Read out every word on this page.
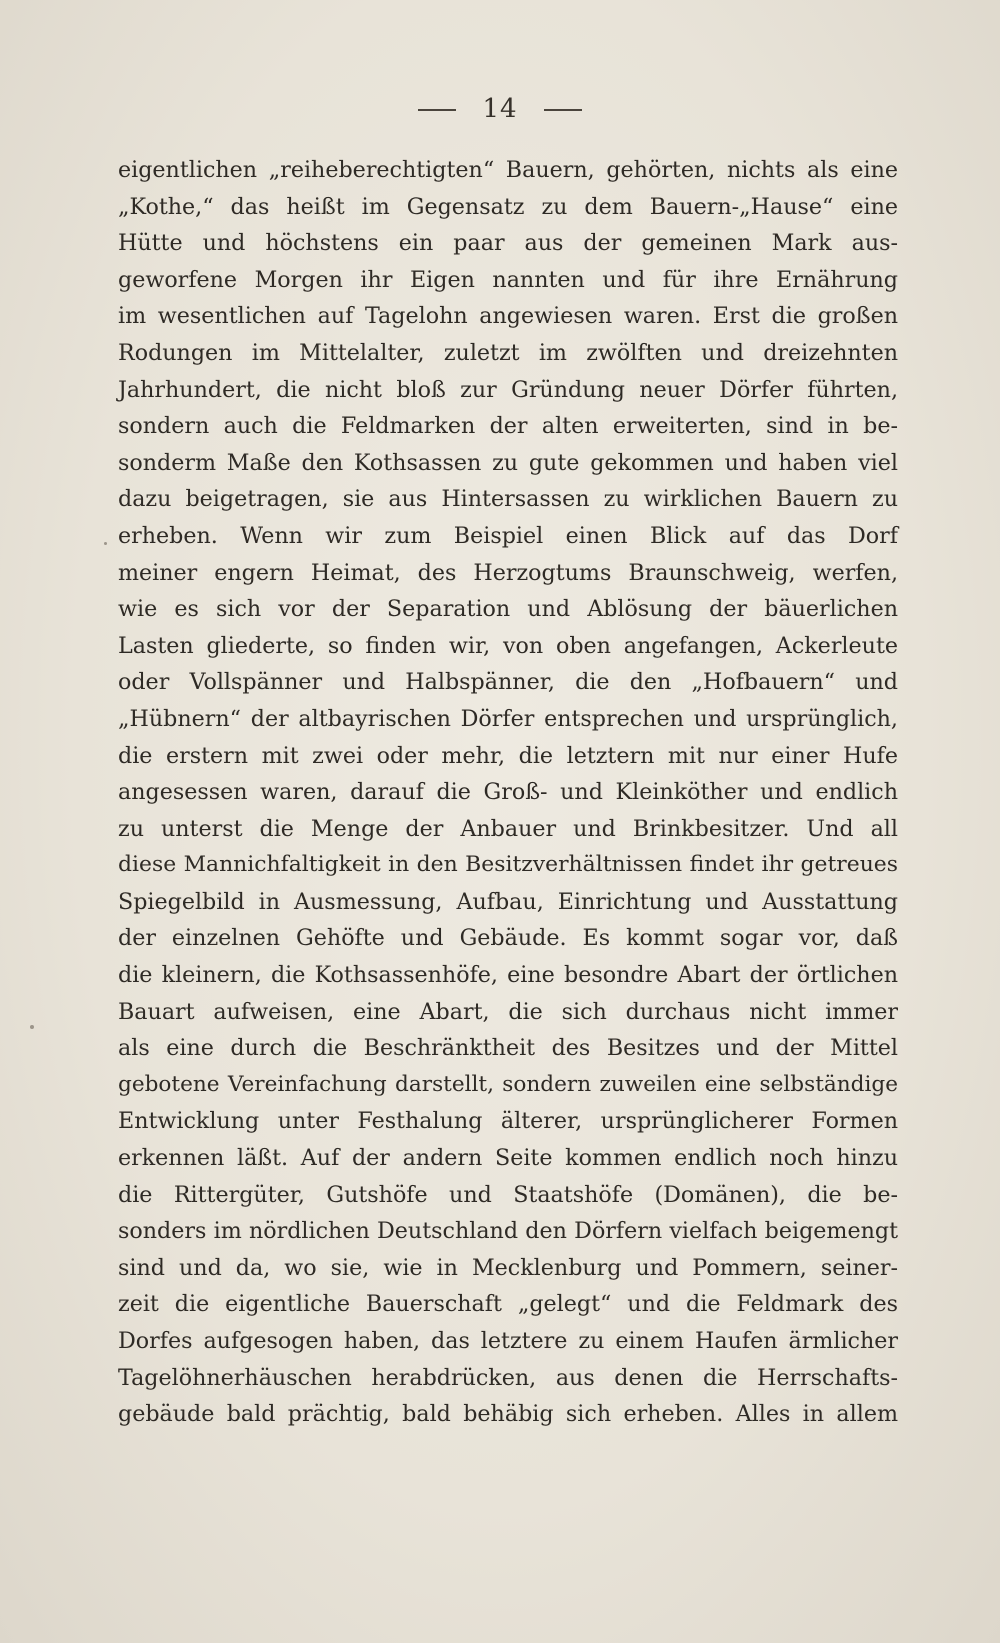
14
eigentlichen „reiheberechtigten“ Bauern, gehörten, nichts als eine
„Kothe,“ das heißt im Gegensatz zu dem Bauern-„Hause“ eine
Hütte und höchstens ein paar aus der gemeinen Mark aus-
geworfene Morgen ihr Eigen nannten und für ihre Ernährung
im wesentlichen auf Tagelohn angewiesen waren. Erst die großen
Rodungen im Mittelalter, zuletzt im zwölften und dreizehnten
Jahrhundert, die nicht bloß zur Gründung neuer Dörfer führten,
sondern auch die Feldmarken der alten erweiterten, sind in be-
sonderm Maße den Kothsassen zu gute gekommen und haben viel
dazu beigetragen, sie aus Hintersassen zu wirklichen Bauern zu
erheben. Wenn wir zum Beispiel einen Blick auf das Dorf
meiner engern Heimat, des Herzogtums Braunschweig, werfen,
wie es sich vor der Separation und Ablösung der bäuerlichen
Lasten gliederte, so finden wir, von oben angefangen, Ackerleute
oder Vollspänner und Halbspänner, die den „Hofbauern“ und
„Hübnern“ der altbayrischen Dörfer entsprechen und ursprünglich,
die erstern mit zwei oder mehr, die letztern mit nur einer Hufe
angesessen waren, darauf die Groß- und Kleinköther und endlich
zu unterst die Menge der Anbauer und Brinkbesitzer. Und all
diese Mannichfaltigkeit in den Besitzverhältnissen findet ihr getreues
Spiegelbild in Ausmessung, Aufbau, Einrichtung und Ausstattung
der einzelnen Gehöfte und Gebäude. Es kommt sogar vor, daß
die kleinern, die Kothsassenhöfe, eine besondre Abart der örtlichen
Bauart aufweisen, eine Abart, die sich durchaus nicht immer
als eine durch die Beschränktheit des Besitzes und der Mittel
gebotene Vereinfachung darstellt, sondern zuweilen eine selbständige
Entwicklung unter Festhalung älterer, ursprünglicherer Formen
erkennen läßt. Auf der andern Seite kommen endlich noch hinzu
die Rittergüter, Gutshöfe und Staatshöfe (Domänen), die be-
sonders im nördlichen Deutschland den Dörfern vielfach beigemengt
sind und da, wo sie, wie in Mecklenburg und Pommern, seiner-
zeit die eigentliche Bauerschaft „gelegt“ und die Feldmark des
Dorfes aufgesogen haben, das letztere zu einem Haufen ärmlicher
Tagelöhnerhäuschen herabdrücken, aus denen die Herrschafts-
gebäude bald prächtig, bald behäbig sich erheben. Alles in allem
